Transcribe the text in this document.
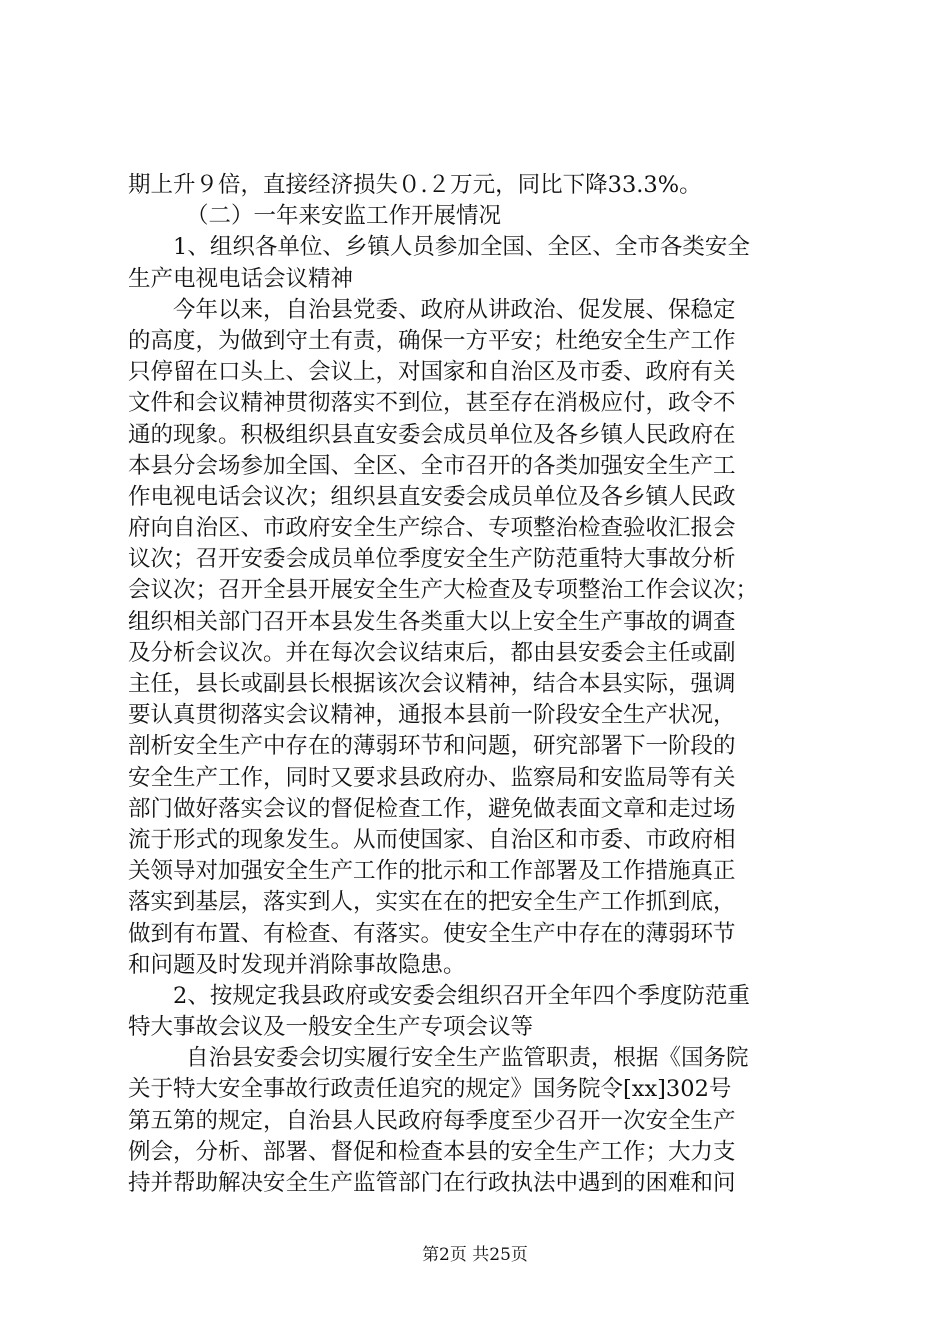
期上升９倍，直接经济损失０.２万元，同比下降33.3%。
（二）一年来安监工作开展情况
1、组织各单位、乡镇人员参加全国、全区、全市各类安全
生产电视电话会议精神
今年以来，自治县党委、政府从讲政治、促发展、保稳定
的高度，为做到守土有责，确保一方平安；杜绝安全生产工作
只停留在口头上、会议上，对国家和自治区及市委、政府有关
文件和会议精神贯彻落实不到位，甚至存在消极应付，政令不
通的现象。积极组织县直安委会成员单位及各乡镇人民政府在
本县分会场参加全国、全区、全市召开的各类加强安全生产工
作电视电话会议次；组织县直安委会成员单位及各乡镇人民政
府向自治区、市政府安全生产综合、专项整治检查验收汇报会
议次；召开安委会成员单位季度安全生产防范重特大事故分析
会议次；召开全县开展安全生产大检查及专项整治工作会议次；
组织相关部门召开本县发生各类重大以上安全生产事故的调查
及分析会议次。并在每次会议结束后，都由县安委会主任或副
主任，县长或副县长根据该次会议精神，结合本县实际，强调
要认真贯彻落实会议精神，通报本县前一阶段安全生产状况，
剖析安全生产中存在的薄弱环节和问题，研究部署下一阶段的
安全生产工作，同时又要求县政府办、监察局和安监局等有关
部门做好落实会议的督促检查工作，避免做表面文章和走过场
流于形式的现象发生。从而使国家、自治区和市委、市政府相
关领导对加强安全生产工作的批示和工作部署及工作措施真正
落实到基层，落实到人，实实在在的把安全生产工作抓到底，
做到有布置、有检查、有落实。使安全生产中存在的薄弱环节
和问题及时发现并消除事故隐患。
2、按规定我县政府或安委会组织召开全年四个季度防范重
特大事故会议及一般安全生产专项会议等
自治县安委会切实履行安全生产监管职责，根据《国务院
关于特大安全事故行政责任追究的规定》国务院令[xx]302号
第五第的规定，自治县人民政府每季度至少召开一次安全生产
例会，分析、部署、督促和检查本县的安全生产工作；大力支
持并帮助解决安全生产监管部门在行政执法中遇到的困难和问
第2页 共25页
